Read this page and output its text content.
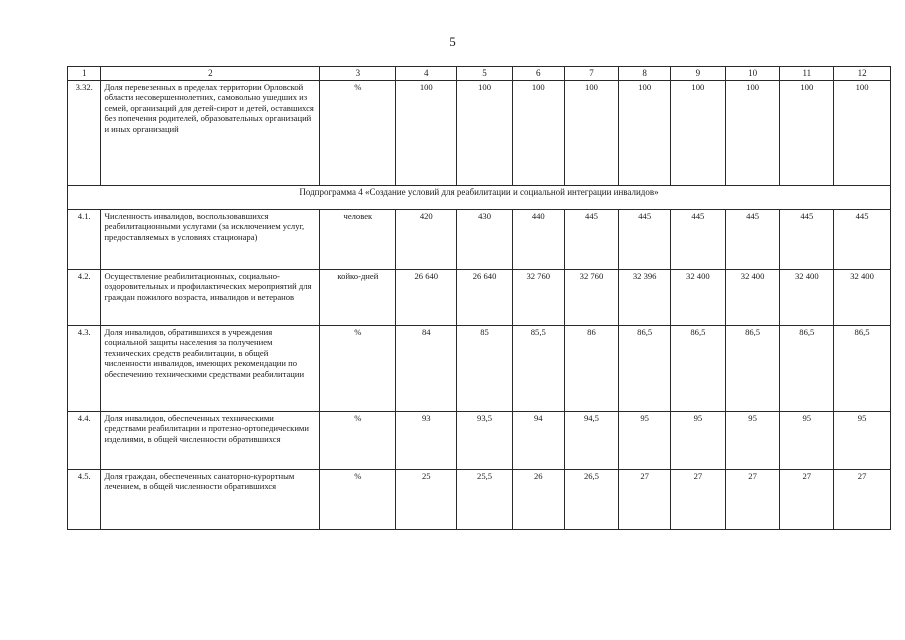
5
1	2	3	4	5	6	7	8	9	10	11	12
3.32.	Доля перевезенных в пределах территории Орловской области несовершеннолетних, самовольно ушедших из семей, организаций для детей-сирот и детей, оставшихся без попечения родителей, образовательных организаций и иных организаций	%	100	100	100	100	100	100	100	100	100
Подпрограмма 4 «Создание условий для реабилитации и социальной интеграции инвалидов»											
4.1.	Численность инвалидов, воспользовавшихся реабилитационными услугами (за исключением услуг, предоставляемых в условиях стационара)	человек	420	430	440	445	445	445	445	445	445
4.2.	Осуществление реабилитационных, социально-оздоровительных и профилактических мероприятий для граждан пожилого возраста, инвалидов и ветеранов	койко-дней	26 640	26 640	32 760	32 760	32 396	32 400	32 400	32 400	32 400
4.3.	Доля инвалидов, обратившихся в учреждения социальной защиты населения за получением технических средств реабилитации, в общей численности инвалидов, имеющих рекомендации по обеспечению техническими средствами реабилитации	%	84	85	85,5	86	86,5	86,5	86,5	86,5	86,5
4.4.	Доля инвалидов, обеспеченных техническими средствами реабилитации и протезно-ортопедическими изделиями, в общей численности обратившихся	%	93	93,5	94	94,5	95	95	95	95	95
4.5.	Доля граждан, обеспеченных санаторно-курортным лечением, в общей численности обратившихся	%	25	25,5	26	26,5	27	27	27	27	27
